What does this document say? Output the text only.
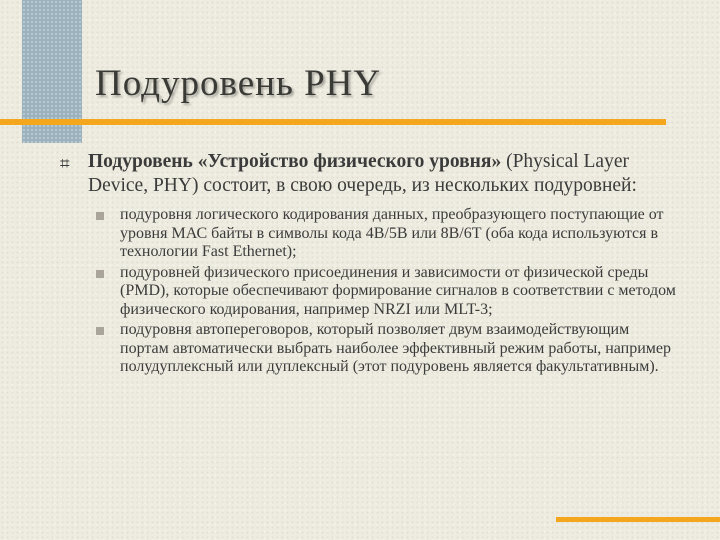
Подуровень PHY
⌗ Подуровень «Устройство физического уровня» (Physical Layer Device, PHY) состоит, в свою очередь, из нескольких подуровней:
подуровня логического кодирования данных, преобразующего поступающие от уровня МАС байты в символы кода 4В/5В или 8В/6Т (оба кода используются в технологии Fast Ethernet);
подуровней физического присоединения и зависимости от физической среды (PMD), которые обеспечивают формирование сигналов в соответствии с методом физического кодирования, например NRZI или MLT-3;
подуровня автопереговоров, который позволяет двум взаимодействующим портам автоматически выбрать наиболее эффективный режим работы, например полудуплексный или дуплексный (этот подуровень является факультативным).
